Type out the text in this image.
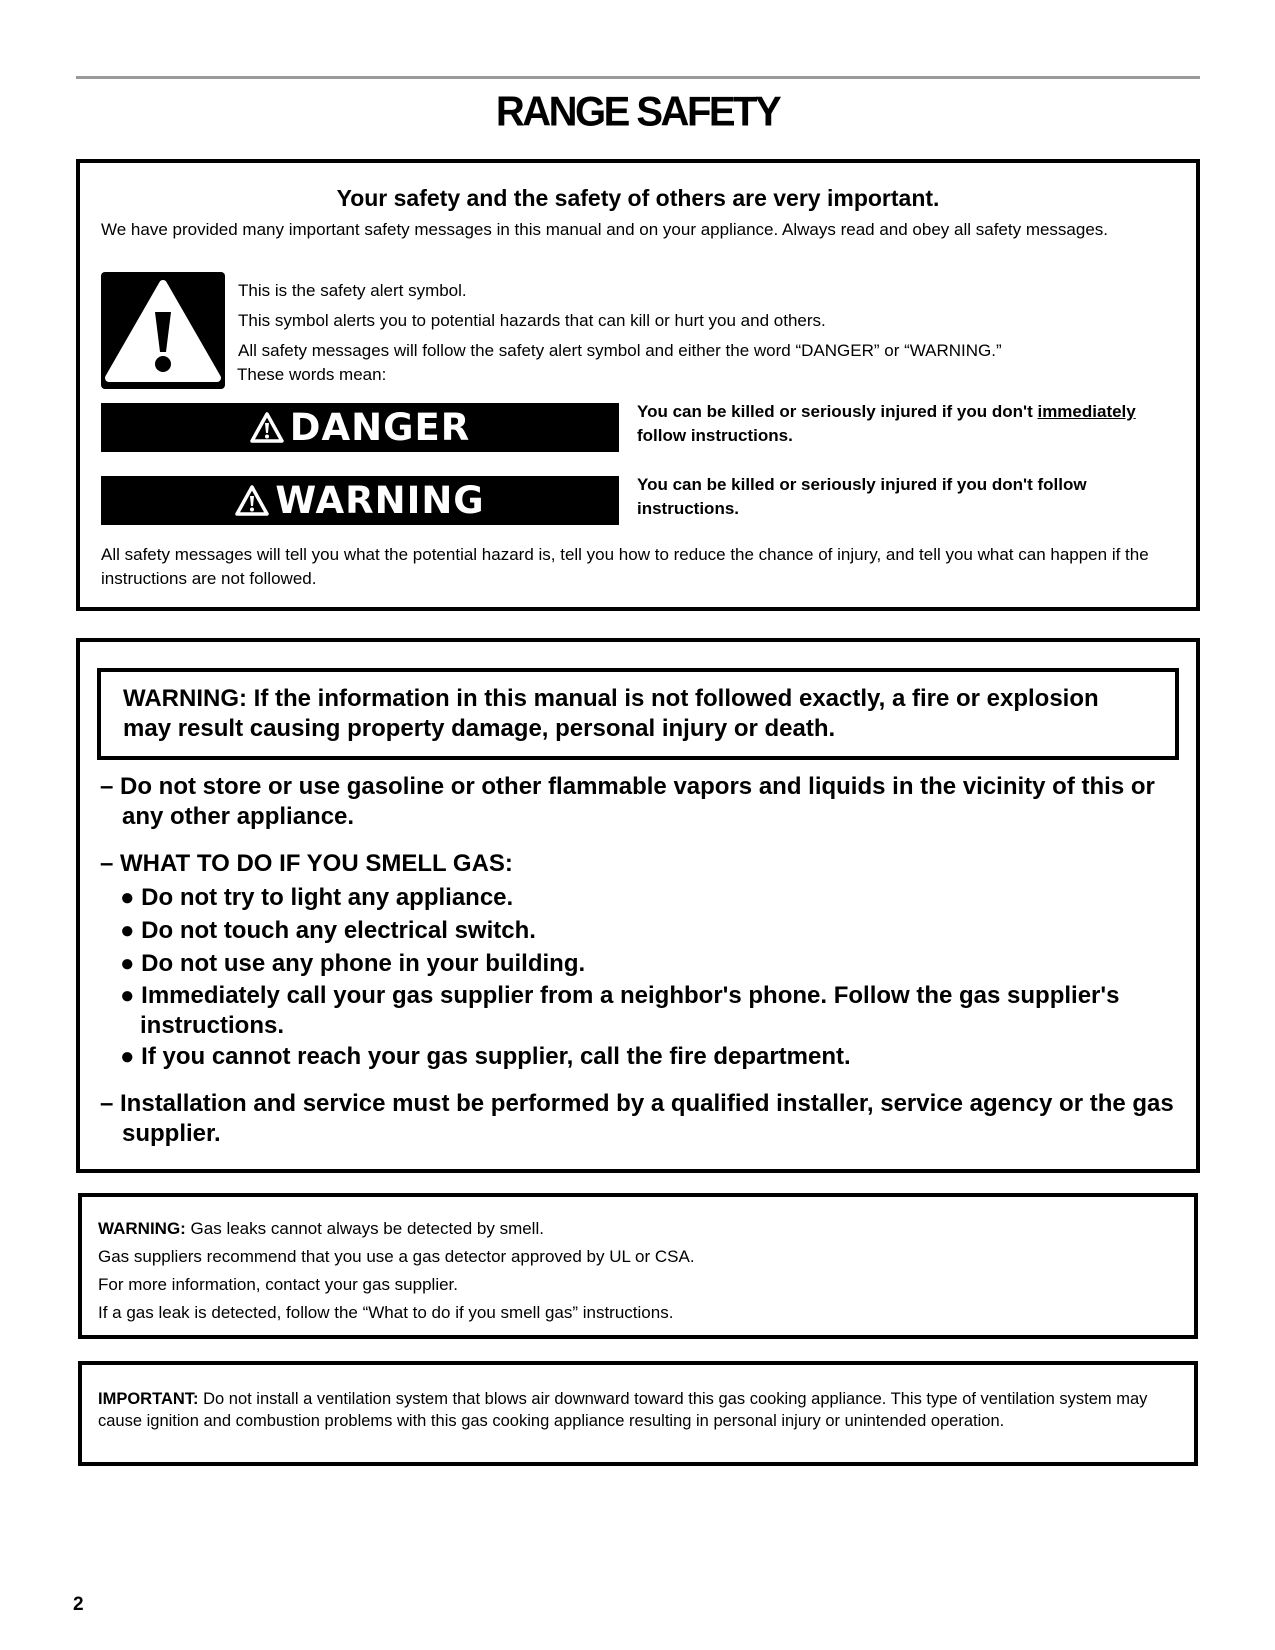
RANGE SAFETY
Your safety and the safety of others are very important.
We have provided many important safety messages in this manual and on your appliance. Always read and obey all safety messages.
This is the safety alert symbol.
This symbol alerts you to potential hazards that can kill or hurt you and others.
All safety messages will follow the safety alert symbol and either the word “DANGER” or “WARNING.”
These words mean:
DANGER	You can be killed or seriously injured if you don't immediately follow instructions.
WARNING	You can be killed or seriously injured if you don't follow instructions.
All safety messages will tell you what the potential hazard is, tell you how to reduce the chance of injury, and tell you what can happen if the instructions are not followed.
WARNING: If the information in this manual is not followed exactly, a fire or explosion may result causing property damage, personal injury or death.
– Do not store or use gasoline or other flammable vapors and liquids in the vicinity of this or any other appliance.
– WHAT TO DO IF YOU SMELL GAS:
● Do not try to light any appliance.
● Do not touch any electrical switch.
● Do not use any phone in your building.
● Immediately call your gas supplier from a neighbor's phone. Follow the gas supplier's instructions.
● If you cannot reach your gas supplier, call the fire department.
– Installation and service must be performed by a qualified installer, service agency or the gas supplier.
WARNING: Gas leaks cannot always be detected by smell.
Gas suppliers recommend that you use a gas detector approved by UL or CSA.
For more information, contact your gas supplier.
If a gas leak is detected, follow the “What to do if you smell gas” instructions.
IMPORTANT: Do not install a ventilation system that blows air downward toward this gas cooking appliance. This type of ventilation system may cause ignition and combustion problems with this gas cooking appliance resulting in personal injury or unintended operation.
2
